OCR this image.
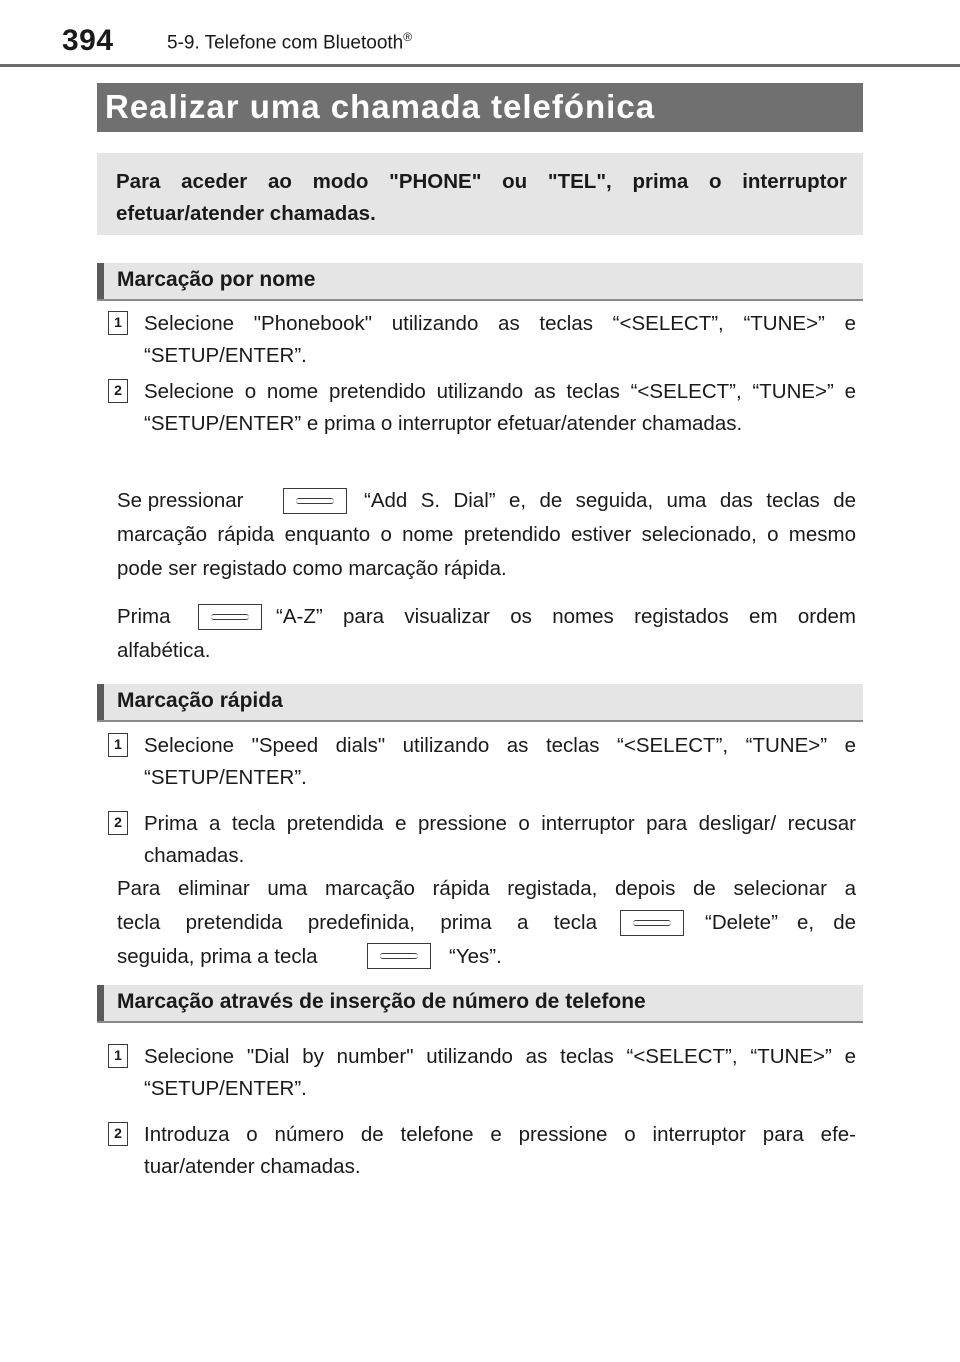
394	5-9. Telefone com Bluetooth®
Realizar uma chamada telefónica
Para aceder ao modo "PHONE" ou "TEL", prima o interruptor efetuar/atender chamadas.
Marcação por nome
1 Selecione "Phonebook" utilizando as teclas “<SELECT”, “TUNE>” e “SETUP/ENTER”.
2 Selecione o nome pretendido utilizando as teclas “<SELECT”, “TUNE>” e “SETUP/ENTER” e prima o interruptor efetuar/atender chamadas.
Se pressionar	“Add S. Dial” e, de seguida, uma das teclas de
marcação rápida enquanto o nome pretendido estiver selecionado, o mesmo pode ser registado como marcação rápida.
Prima	“A-Z” para visualizar os nomes registados em ordem
alfabética.
Marcação rápida
1 Selecione "Speed dials" utilizando as teclas “<SELECT”, “TUNE>” e “SETUP/ENTER”.
2 Prima a tecla pretendida e pressione o interruptor para desligar/ recusar chamadas.
Para eliminar uma marcação rápida registada, depois de selecionar a
tecla pretendida predefinida, prima a tecla	“Delete” e, de
seguida, prima a tecla	“Yes”.
Marcação através de inserção de número de telefone
1 Selecione "Dial by number" utilizando as teclas “<SELECT”, “TUNE>” e “SETUP/ENTER”.
2 Introduza o número de telefone e pressione o interruptor para efe- tuar/atender chamadas.
